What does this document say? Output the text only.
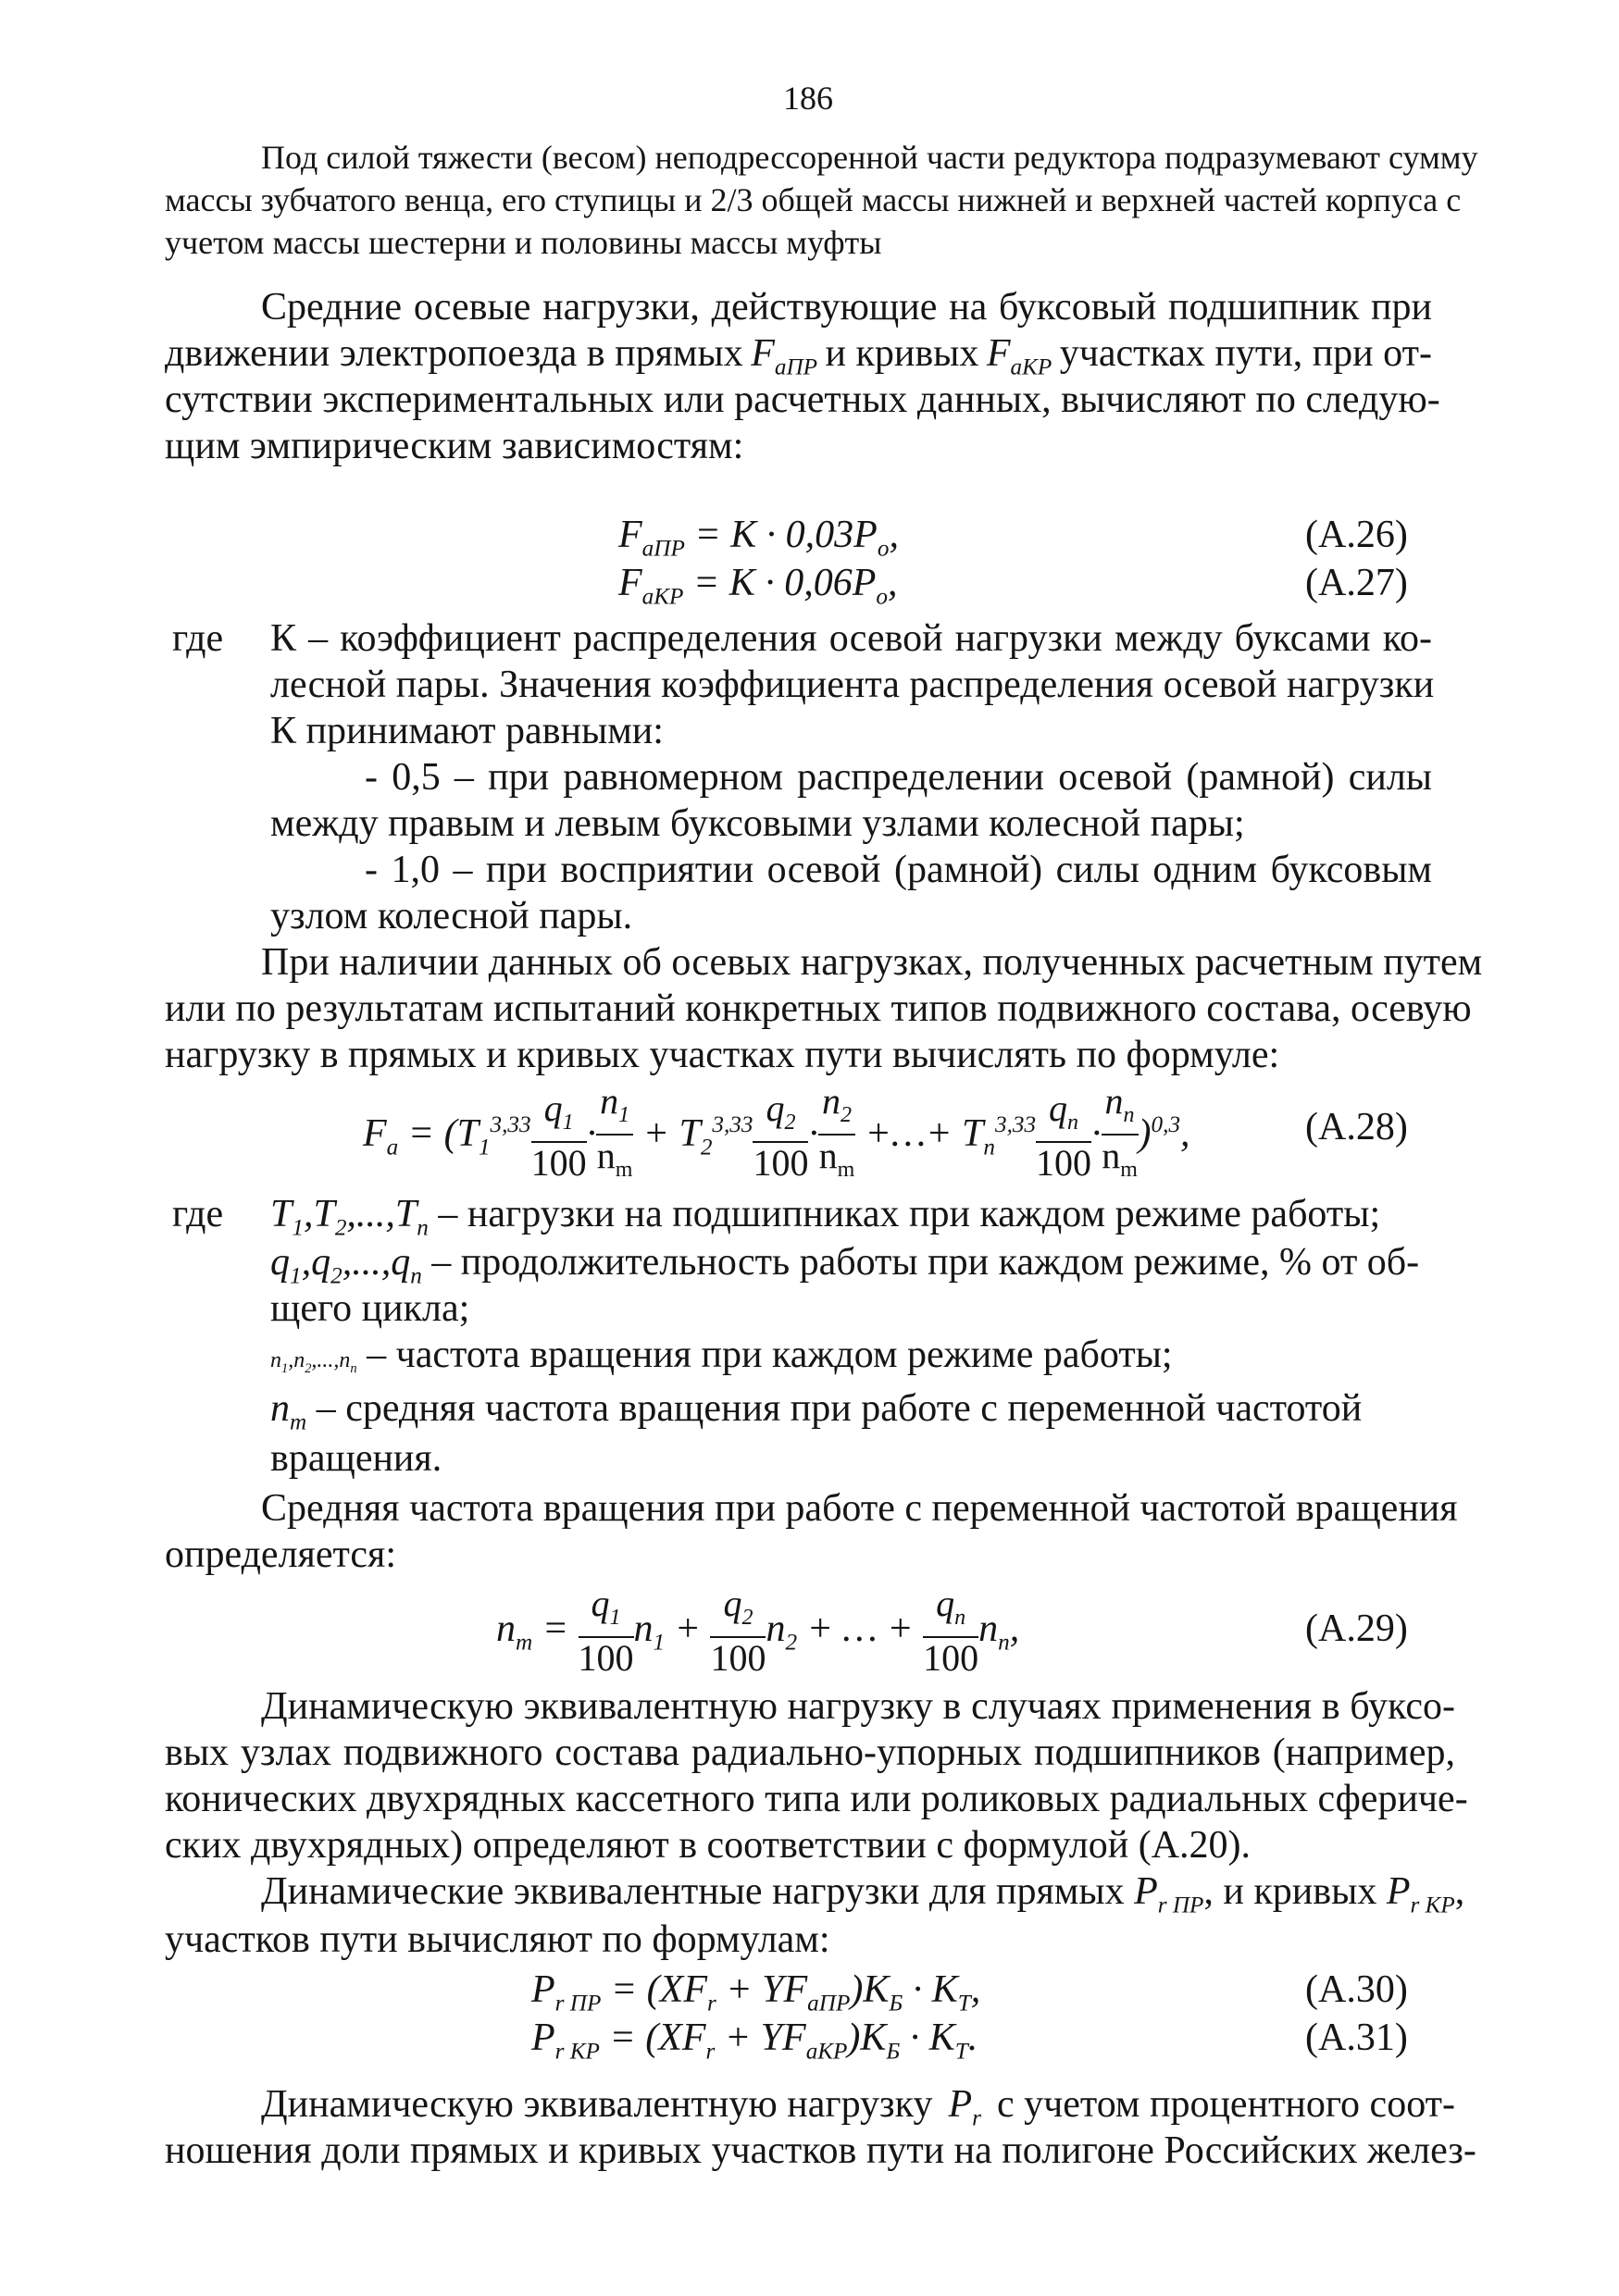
186
Под силой тяжести (весом) неподрессоренной части редуктора подразумевают сумму
массы зубчатого венца, его ступицы и 2/3 общей массы нижней и верхней частей корпуса с
учетом массы шестерни и половины массы муфты
Средние осевые нагрузки, действующие на буксовый подшипник при
движении электропоезда в прямых $F_{аПР}$ и кривых $F_{аКР}$ участках пути, при от-
сутствии экспериментальных или расчетных данных, вычисляют по следую-
щим эмпирическим зависимостям:
$F_{аПР} = K \cdot 0,03P_o$,	(А.26)
$F_{аКР} = K \cdot 0,06P_o$,	(А.27)
где К – коэффициент распределения осевой нагрузки между буксами ко-
лесной пары. Значения коэффициента распределения осевой нагрузки
К принимают равными:
- 0,5 – при равномерном распределении осевой (рамной) силы
между правым и левым буксовыми узлами колесной пары;
- 1,0 – при восприятии осевой (рамной) силы одним буксовым
узлом колесной пары.
При наличии данных об осевых нагрузках, полученных расчетным путем
или по результатам испытаний конкретных типов подвижного состава, осевую
нагрузку в прямых и кривых участках пути вычислять по формуле:
$F_a = (T_1^{3,33} \frac{q_1}{100} \cdot \frac{n_1}{n_m} + T_2^{3,33} \frac{q_2}{100} \cdot \frac{n_2}{n_m}$ +…+ $T_n^{3,33} \frac{q_n}{100} \cdot \frac{n_n}{n_m} )^{0,3}$,	(А.28)
где $T_1,T_2,...,T_n$ – нагрузки на подшипниках при каждом режиме работы;
$q_1,q_2,...,q_n$ – продолжительность работы при каждом режиме, % от об-
щего цикла;
$n_1,n_2,...,n_n$ – частота вращения при каждом режиме работы;
$n_m$ – средняя частота вращения при работе с переменной частотой
вращения.
Средняя частота вращения при работе с переменной частотой вращения
определяется:
$n_m = \frac{q_1}{100} n_1 + \frac{q_2}{100} n_2$ + … + $\frac{q_n}{100} n_n$,	(А.29)
Динамическую эквивалентную нагрузку в случаях применения в буксо-
вых узлах подвижного состава радиально-упорных подшипников (например,
конических двухрядных кассетного типа или роликовых радиальных сфериче-
ских двухрядных) определяют в соответствии с формулой (А.20).
Динамические эквивалентные нагрузки для прямых $P_{r ПР}$, и кривых $P_{r КР}$,
участков пути вычисляют по формулам:
$P_{r ПР} = (XF_r + YF_{аПР})K_Б \cdot K_Т$,	(А.30)
$P_{r КР} = (XF_r + YF_{аКР})K_Б \cdot K_Т$.	(А.31)
Динамическую эквивалентную нагрузку $P_r$ с учетом процентного соот-
ношения доли прямых и кривых участков пути на полигоне Российских желез-
